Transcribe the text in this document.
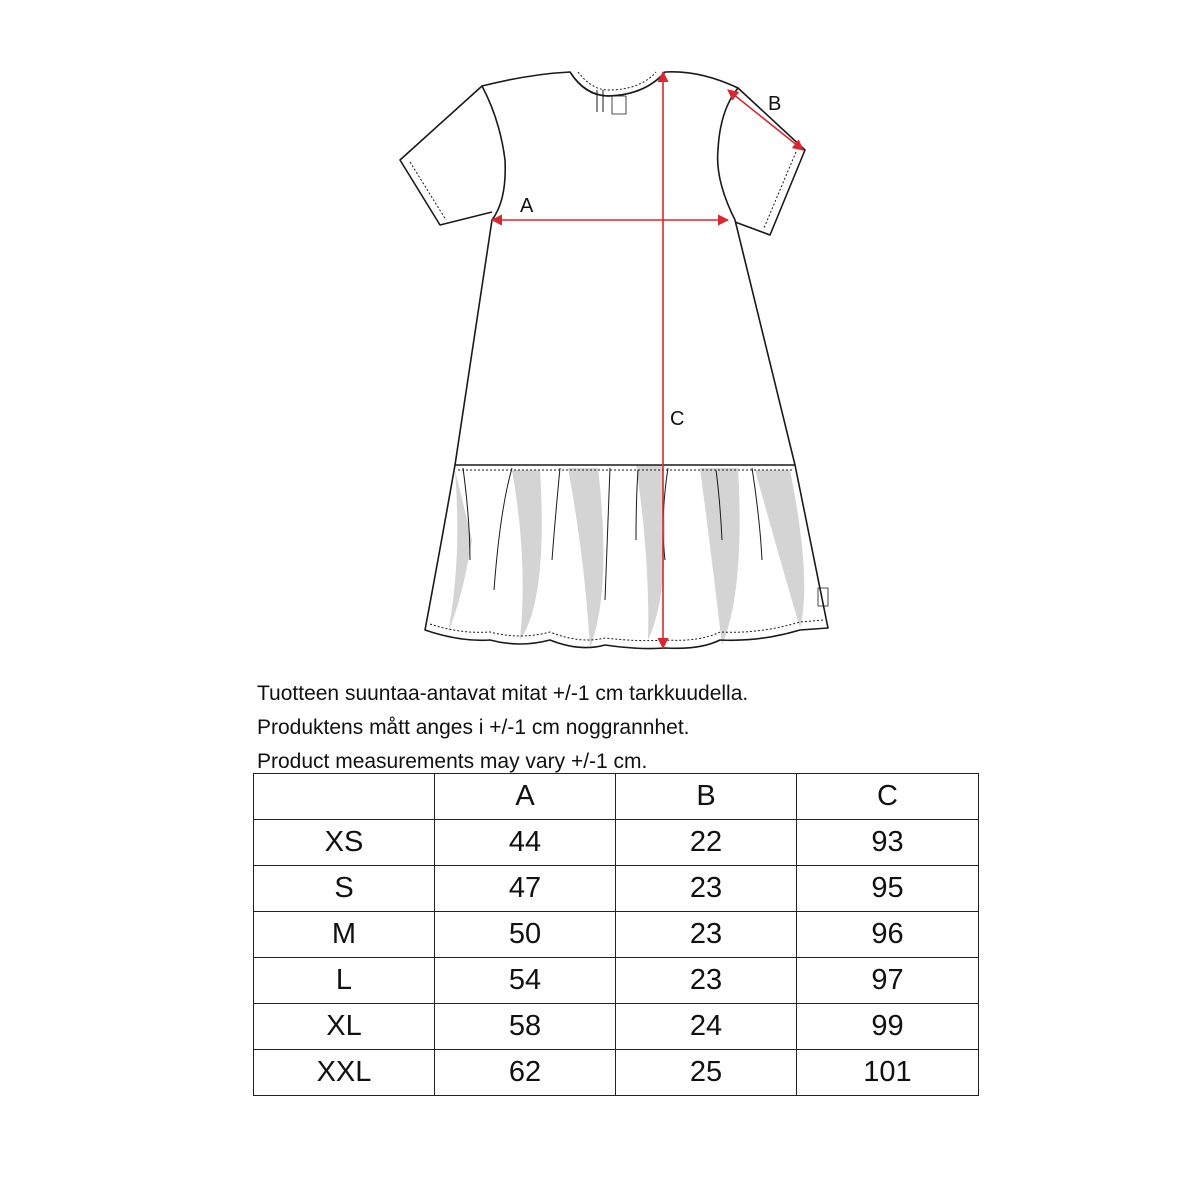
A
B
C
Tuotteen suuntaa-antavat mitat +/-1 cm tarkkuudella.
Produktens mått anges i +/-1 cm noggrannhet.
Product measurements may vary +/-1 cm.
	A	B	C
XS	44	22	93
S	47	23	95
M	50	23	96
L	54	23	97
XL	58	24	99
XXL	62	25	101
